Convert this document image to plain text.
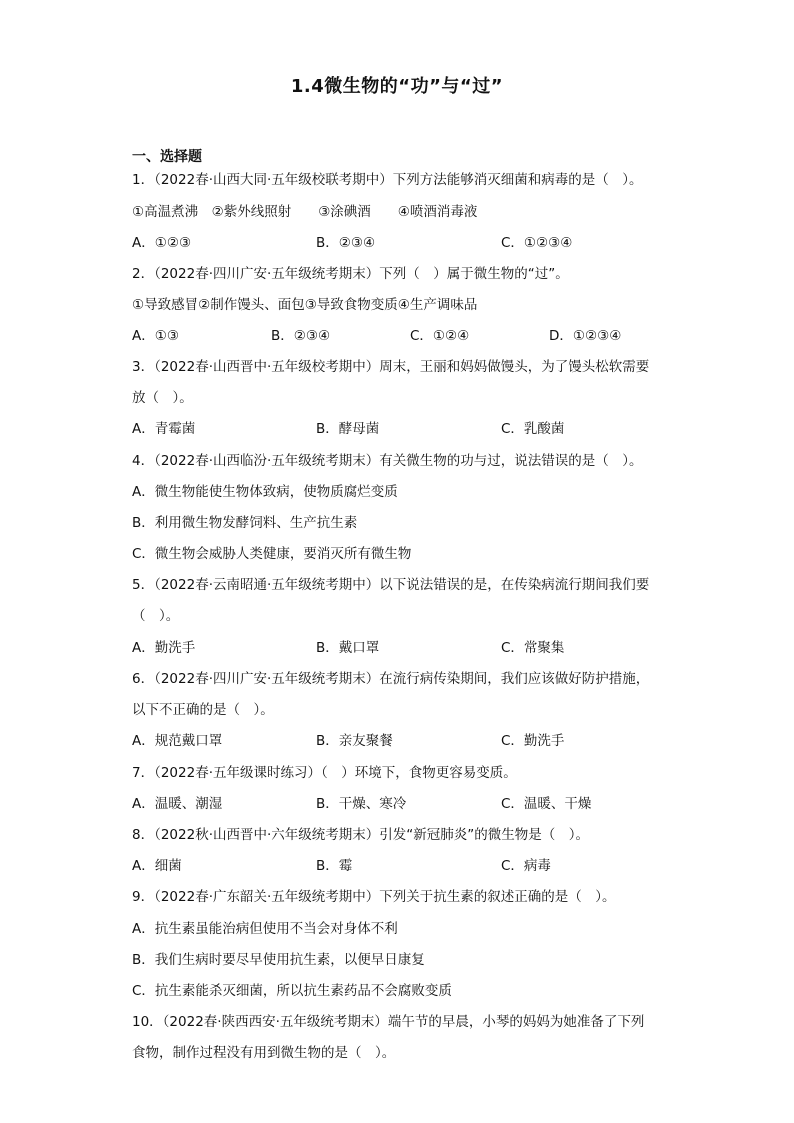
1.4微生物的“功”与“过”
一、选择题
1．（2022春·山西大同·五年级校联考期中）下列方法能够消灭细菌和病毒的是（　）。
①高温煮沸　②紫外线照射　　③涂碘酒　　④喷酒消毒液
A．①②③	B．②③④	C．①②③④
2．（2022春·四川广安·五年级统考期末）下列（　）属于微生物的“过”。
①导致感冒②制作馒头、面包③导致食物变质④生产调味品
A．①③	B．②③④	C．①②④	D．①②③④
3．（2022春·山西晋中·五年级校考期中）周末，王丽和妈妈做馒头，为了馒头松软需要
放（　）。
A．青霉菌	B．酵母菌	C．乳酸菌
4．（2022春·山西临汾·五年级统考期末）有关微生物的功与过，说法错误的是（　）。
A．微生物能使生物体致病，使物质腐烂变质
B．利用微生物发酵饲料、生产抗生素
C．微生物会威胁人类健康，要消灭所有微生物
5．（2022春·云南昭通·五年级统考期中）以下说法错误的是，在传染病流行期间我们要
（　）。
A．勤洗手	B．戴口罩	C．常聚集
6．（2022春·四川广安·五年级统考期末）在流行病传染期间，我们应该做好防护措施，
以下不正确的是（　）。
A．规范戴口罩	B．亲友聚餐	C．勤洗手
7．（2022春·五年级课时练习）（　）环境下，食物更容易变质。
A．温暖、潮湿	B．干燥、寒冷	C．温暖、干燥
8．（2022秋·山西晋中·六年级统考期末）引发“新冠肺炎”的微生物是（　）。
A．细菌	B．霉	C．病毒
9．（2022春·广东韶关·五年级统考期中）下列关于抗生素的叙述正确的是（　）。
A．抗生素虽能治病但使用不当会对身体不利
B．我们生病时要尽早使用抗生素，以便早日康复
C．抗生素能杀灭细菌，所以抗生素药品不会腐败变质
10．（2022春·陕西西安·五年级统考期末）端午节的早晨，小琴的妈妈为她准备了下列
食物，制作过程没有用到微生物的是（　）。
